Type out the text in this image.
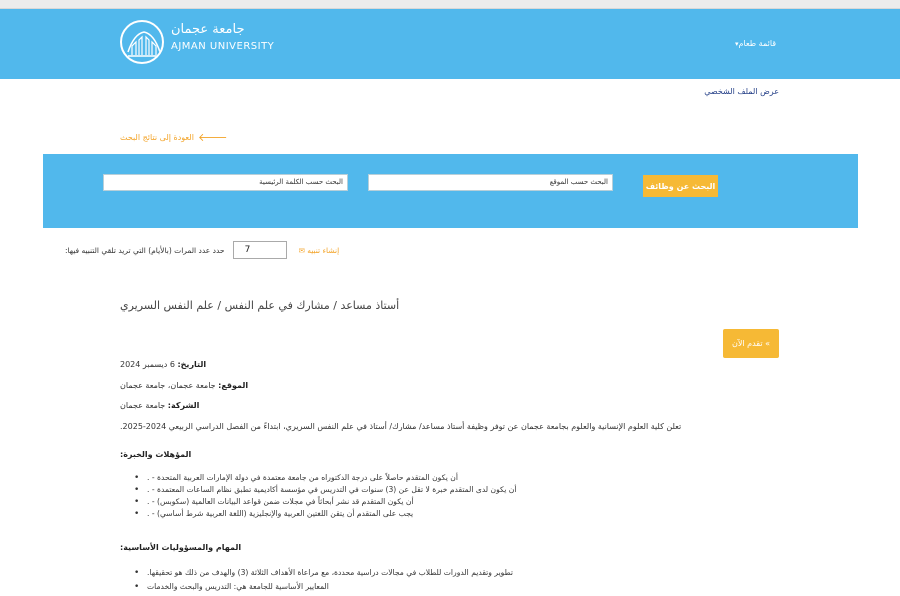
جامعة عجمان
AJMAN UNIVERSITY	قائمة طعام▾
عرض الملف الشخصي
🡐
العودة إلى نتائج البحث
البحث حسب الكلمة الرئيسية	البحث حسب الموقع	البحث عن وظائف
حدد عدد المرات (بالأيام) التي تريد تلقي التنبيه فيها:	7	إنشاء تنبيه ✉
أستاذ مساعد / مشارك في علم النفس / علم النفس السريري
» تقدم الآن
التاريخ: 6 ديسمبر 2024
الموقع: جامعة عجمان، جامعة عجمان
الشركة: جامعة عجمان
تعلن كلية العلوم الإنسانية والعلوم بجامعة عجمان عن توفر وظيفة أستاذ مساعد/ مشارك/ أستاذ في علم النفس السريري، ابتداءً من الفصل الدراسي الربيعي 2024-2025.
المؤهلات والخبرة:
• أن يكون المتقدم حاصلاً على درجة الدكتوراه من جامعة معتمدة في دولة الإمارات العربية المتحدة - .
• أن يكون لدى المتقدم خبرة لا تقل عن (3) سنوات في التدريس في مؤسسة أكاديمية تطبق نظام الساعات المعتمدة - .
• أن يكون المتقدم قد نشر أبحاثاً في مجلات ضمن قواعد البيانات العالمية (سكوبس) - .
• يجب على المتقدم أن يتقن اللغتين العربية والإنجليزية (اللغة العربية شرط أساسي) - .
المهام والمسؤوليات الأساسية:
• تطوير وتقديم الدورات للطلاب في مجالات دراسية محددة، مع مراعاة الأهداف الثلاثة (3) والهدف من ذلك هو تحقيقها.
• المعايير الأساسية للجامعة هي: التدريس والبحث والخدمات
